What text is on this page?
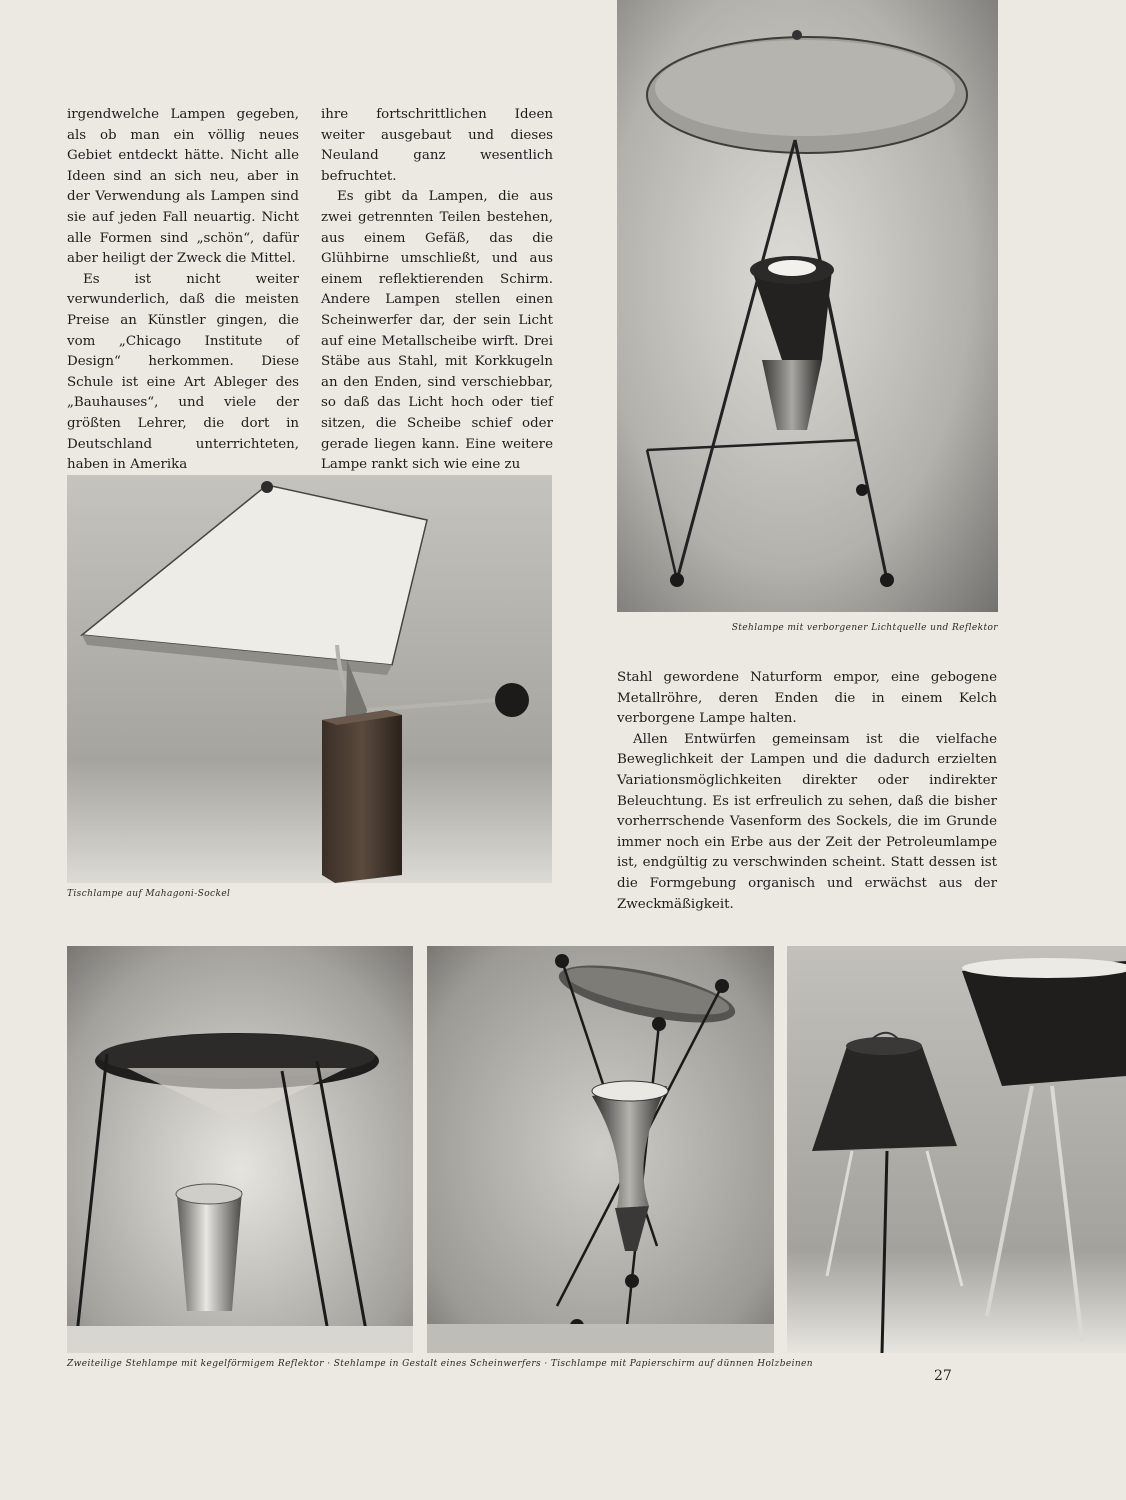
irgendwelche Lampen gegeben, als ob man ein völlig neues Gebiet entdeckt hätte. Nicht alle Ideen sind an sich neu, aber in der Verwendung als Lampen sind sie auf jeden Fall neuartig. Nicht alle Formen sind „schön“, dafür aber heiligt der Zweck die Mittel.

Es ist nicht weiter verwunderlich, daß die meisten Preise an Künstler gingen, die vom „Chicago Institute of Design“ herkommen. Diese Schule ist eine Art Ableger des „Bauhauses“, und viele der größten Lehrer, die dort in Deutschland unterrichteten, haben in Amerika

ihre fortschrittlichen Ideen weiter ausgebaut und dieses Neuland ganz wesentlich befruchtet.

Es gibt da Lampen, die aus zwei getrennten Teilen bestehen, aus einem Gefäß, das die Glühbirne umschließt, und aus einem reflektierenden Schirm. Andere Lampen stellen einen Scheinwerfer dar, der sein Licht auf eine Metallscheibe wirft. Drei Stäbe aus Stahl, mit Korkkugeln an den Enden, sind verschiebbar, so daß das Licht hoch oder tief sitzen, die Scheibe schief oder gerade liegen kann. Eine weitere Lampe rankt sich wie eine zu

Stahl gewordene Naturform empor, eine gebogene Metallröhre, deren Enden die in einem Kelch verborgene Lampe halten.

Allen Entwürfen gemeinsam ist die vielfache Beweglichkeit der Lampen und die dadurch erzielten Variationsmöglichkeiten direkter oder indirekter Beleuchtung. Es ist erfreulich zu sehen, daß die bisher vorherrschende Vasenform des Sockels, die im Grunde immer noch ein Erbe aus der Zeit der Petroleumlampe ist, endgültig zu verschwinden scheint. Statt dessen ist die Formgebung organisch und erwächst aus der Zweckmäßigkeit.

Stehlampe mit verborgener Lichtquelle und Reflektor
Tischlampe auf Mahagoni-Sockel
Zweiteilige Stehlampe mit kegelförmigem Reflektor · Stehlampe in Gestalt eines Scheinwerfers · Tischlampe mit Papierschirm auf dünnen Holzbeinen
27
